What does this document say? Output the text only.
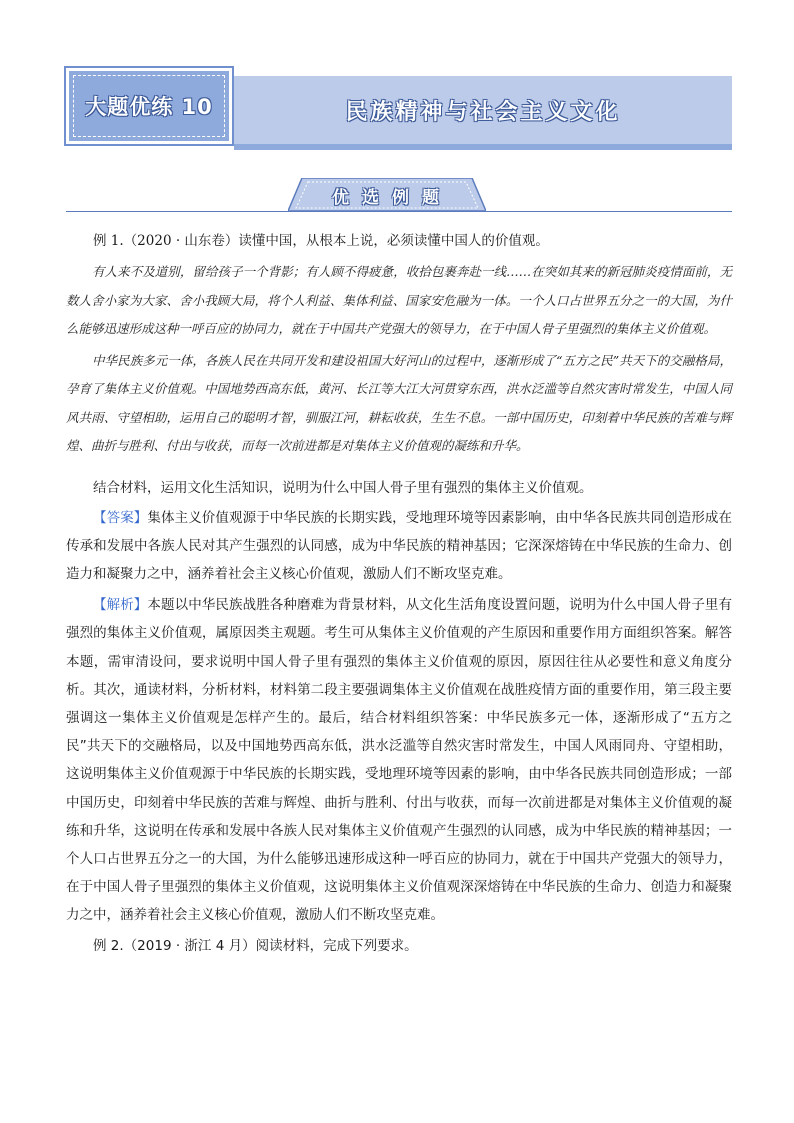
大题优练 10	民族精神与社会主义文化
优选例题

例 1.（2020 · 山东卷）读懂中国，从根本上说，必须读懂中国人的价值观。

有人来不及道别，留给孩子一个背影；有人顾不得疲惫，收拾包裹奔赴一线……在突如其来的新冠肺炎疫情面前，无数人舍小家为大家、舍小我顾大局，将个人利益、集体利益、国家安危融为一体。一个人口占世界五分之一的大国，为什么能够迅速形成这种一呼百应的协同力，就在于中国共产党强大的领导力，在于中国人骨子里强烈的集体主义价值观。

中华民族多元一体，各族人民在共同开发和建设祖国大好河山的过程中，逐渐形成了“五方之民”共天下的交融格局，孕育了集体主义价值观。中国地势西高东低，黄河、长江等大江大河贯穿东西，洪水泛滥等自然灾害时常发生，中国人同风共雨、守望相助，运用自己的聪明才智，驯服江河，耕耘收获，生生不息。一部中国历史，印刻着中华民族的苦难与辉煌、曲折与胜利、付出与收获，而每一次前进都是对集体主义价值观的凝练和升华。

结合材料，运用文化生活知识，说明为什么中国人骨子里有强烈的集体主义价值观。

【答案】集体主义价值观源于中华民族的长期实践，受地理环境等因素影响，由中华各民族共同创造形成在传承和发展中各族人民对其产生强烈的认同感，成为中华民族的精神基因；它深深熔铸在中华民族的生命力、创造力和凝聚力之中，涵养着社会主义核心价值观，激励人们不断攻坚克难。

【解析】本题以中华民族战胜各种磨难为背景材料，从文化生活角度设置问题，说明为什么中国人骨子里有强烈的集体主义价值观，属原因类主观题。考生可从集体主义价值观的产生原因和重要作用方面组织答案。解答本题，需审清设问，要求说明中国人骨子里有强烈的集体主义价值观的原因，原因往往从必要性和意义角度分析。其次，通读材料，分析材料，材料第二段主要强调集体主义价值观在战胜疫情方面的重要作用，第三段主要强调这一集体主义价值观是怎样产生的。最后，结合材料组织答案：中华民族多元一体，逐渐形成了“五方之民”共天下的交融格局，以及中国地势西高东低，洪水泛滥等自然灾害时常发生，中国人风雨同舟、守望相助，这说明集体主义价值观源于中华民族的长期实践，受地理环境等因素的影响，由中华各民族共同创造形成；一部中国历史，印刻着中华民族的苦难与辉煌、曲折与胜利、付出与收获，而每一次前进都是对集体主义价值观的凝练和升华，这说明在传承和发展中各族人民对集体主义价值观产生强烈的认同感，成为中华民族的精神基因；一个人口占世界五分之一的大国，为什么能够迅速形成这种一呼百应的协同力，就在于中国共产党强大的领导力，在于中国人骨子里强烈的集体主义价值观，这说明集体主义价值观深深熔铸在中华民族的生命力、创造力和凝聚力之中，涵养着社会主义核心价值观，激励人们不断攻坚克难。

例 2.（2019 · 浙江 4 月）阅读材料，完成下列要求。
